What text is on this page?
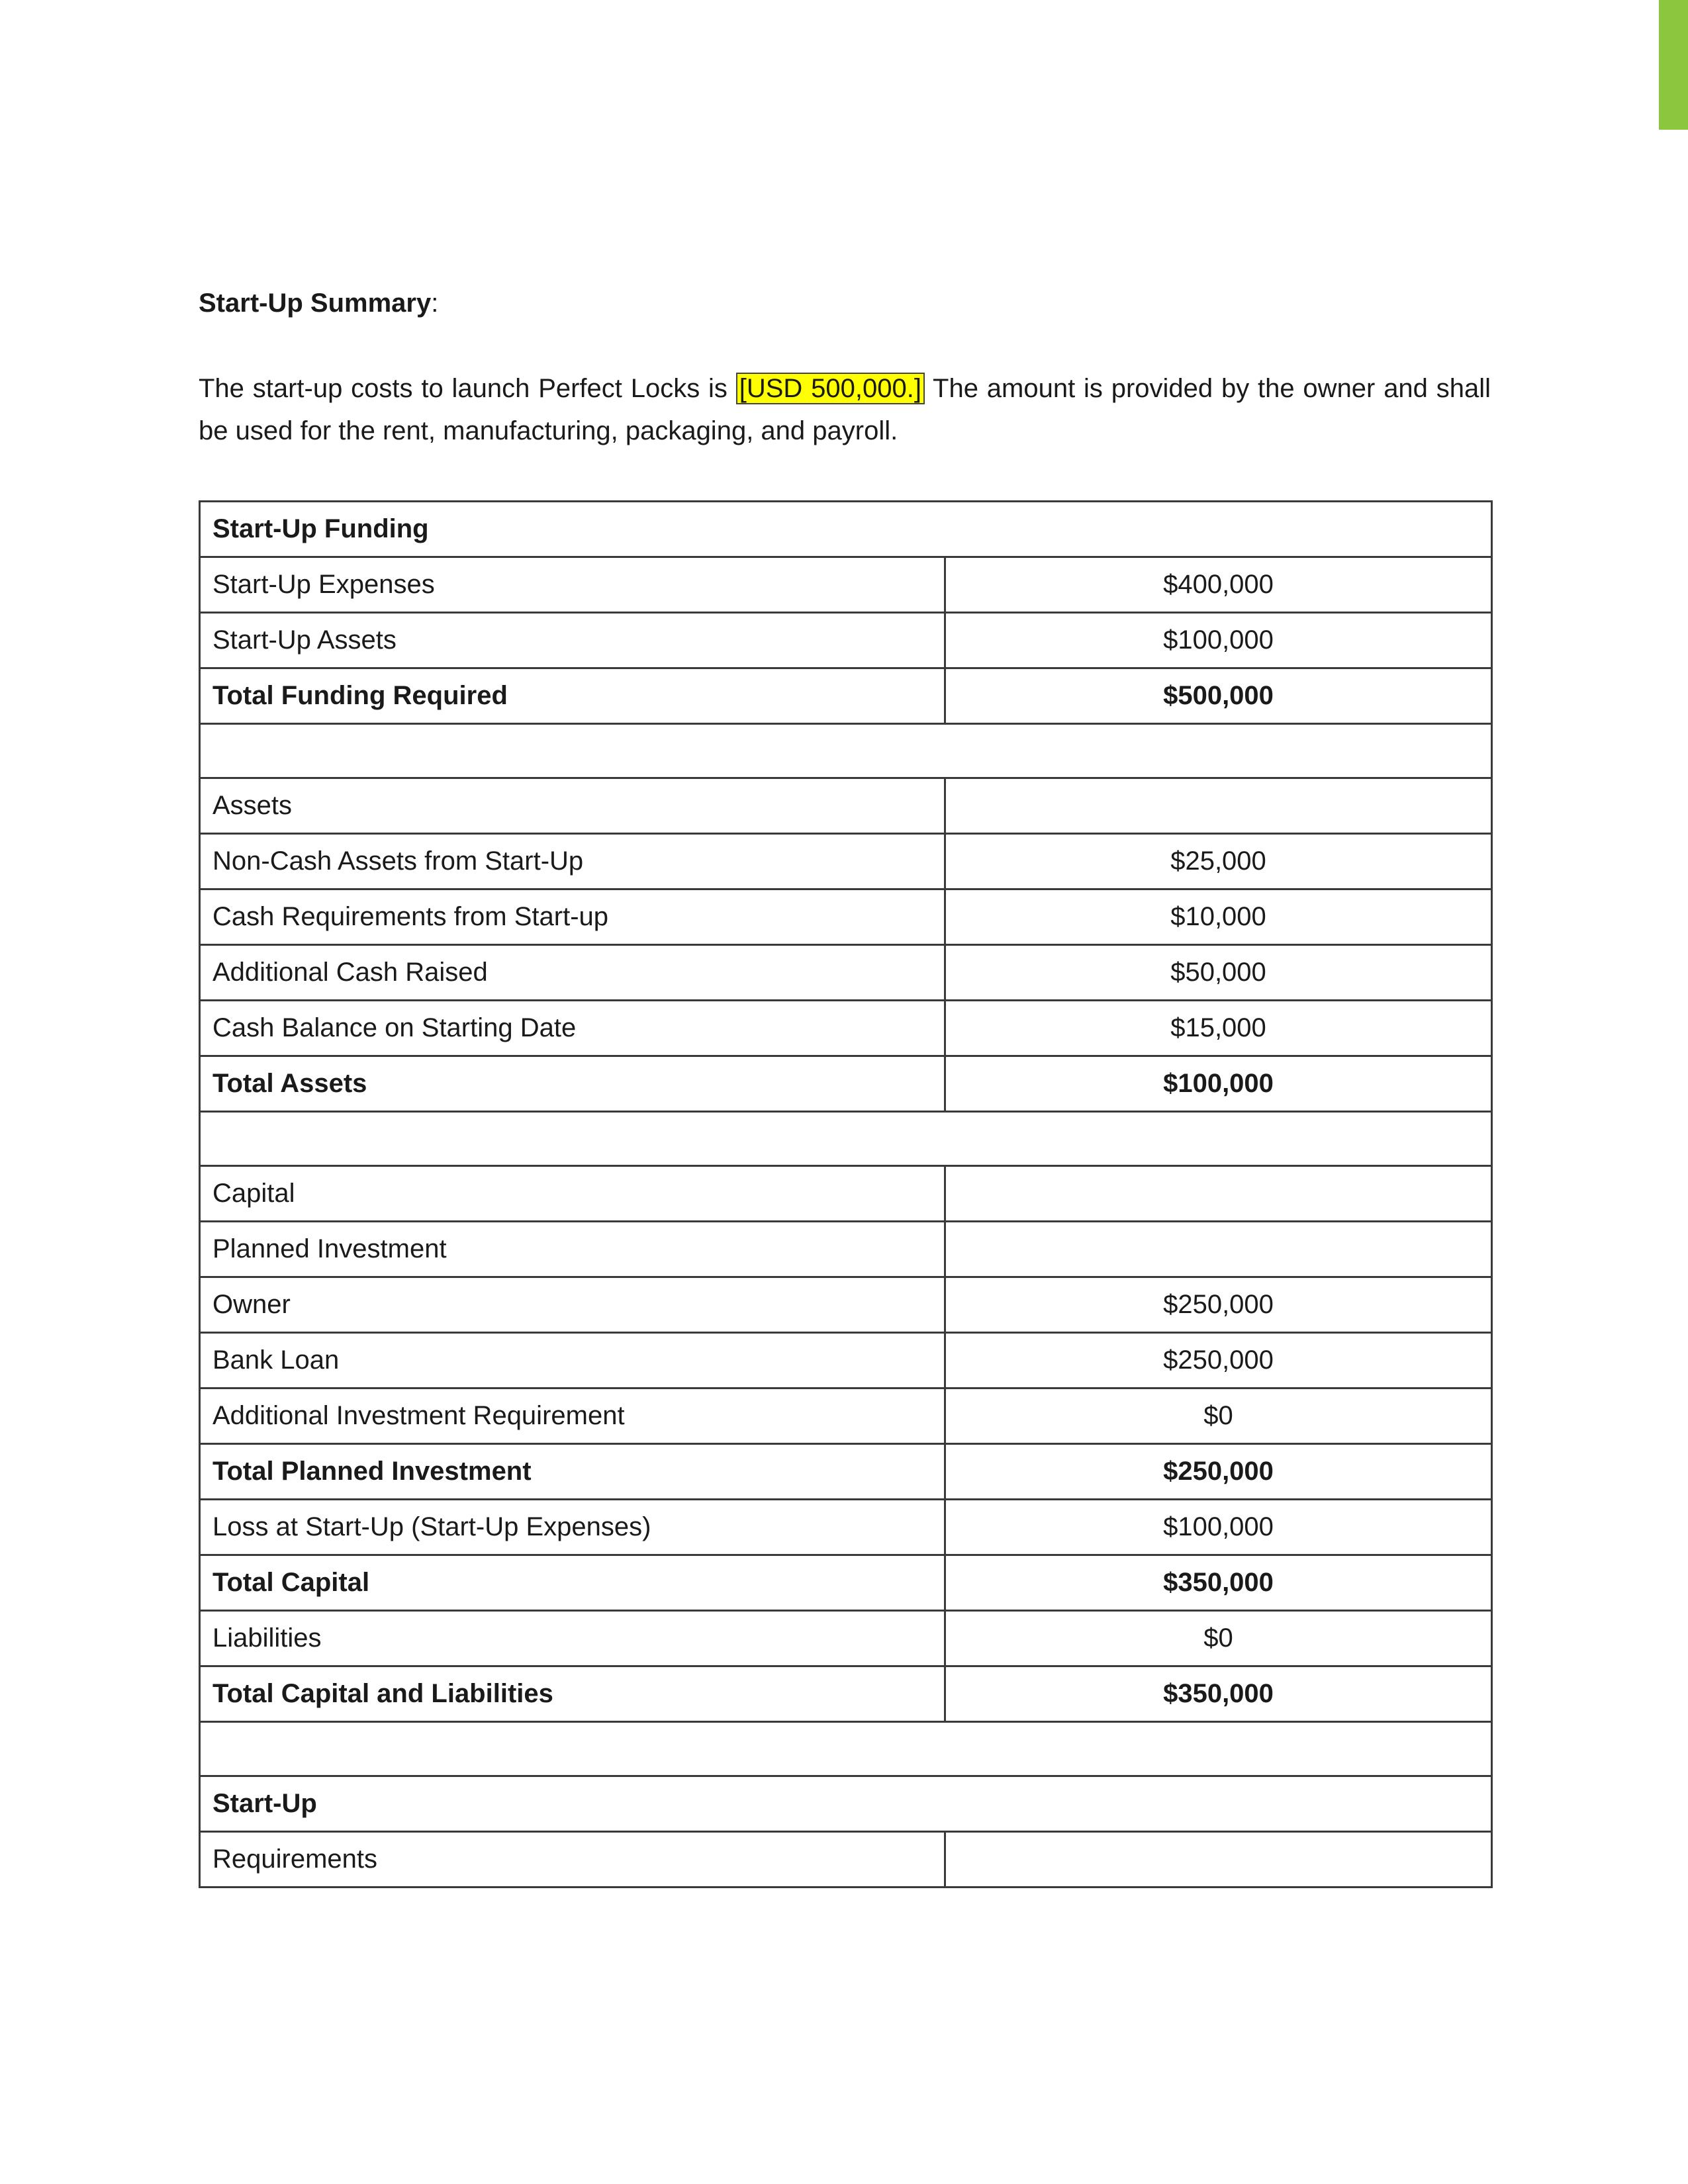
Start-Up Summary:

The start-up costs to launch Perfect Locks is [USD 500,000.] The amount is provided by the owner and shall be used for the rent, manufacturing, packaging, and payroll.

Start-Up Funding	
Start-Up Expenses	$400,000
Start-Up Assets	$100,000
Total Funding Required	$500,000

Assets	
Non-Cash Assets from Start-Up	$25,000
Cash Requirements from Start-up	$10,000
Additional Cash Raised	$50,000
Cash Balance on Starting Date	$15,000
Total Assets	$100,000

Capital	
Planned Investment	
Owner	$250,000
Bank Loan	$250,000
Additional Investment Requirement	$0
Total Planned Investment	$250,000
Loss at Start-Up (Start-Up Expenses)	$100,000
Total Capital	$350,000
Liabilities	$0
Total Capital and Liabilities	$350,000

Start-Up	
Requirements	
